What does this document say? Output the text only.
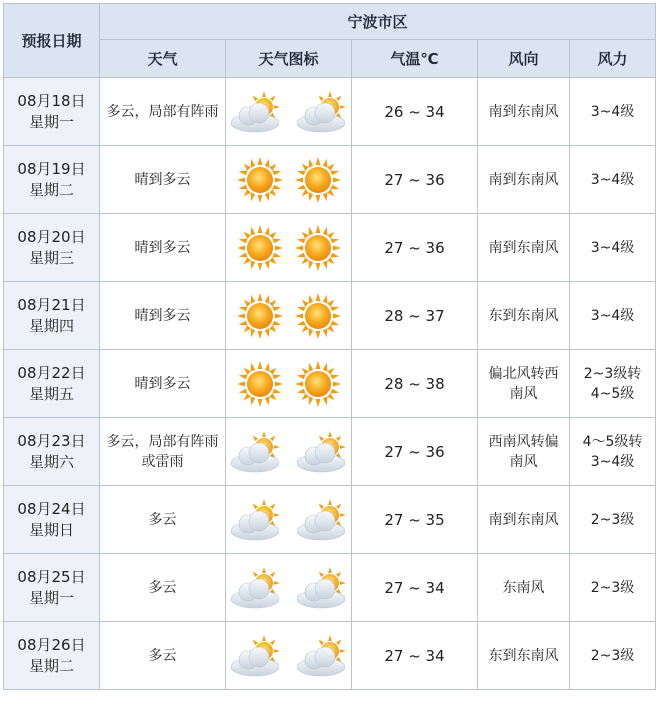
预报日期	宁波市区				
	天气	天气图标	气温℃	风向	风力

08月18日
星期一	多云，局部有阵雨		26 ~ 34	南到东南风	3~4级

08月19日
星期二	晴到多云		27 ~ 36	南到东南风	3~4级

08月20日
星期三	晴到多云		27 ~ 36	南到东南风	3~4级

08月21日
星期四	晴到多云		28 ~ 37	东到东南风	3~4级

08月22日
星期五	晴到多云		28 ~ 38	偏北风转西南风	2~3级转4~5级

08月23日
星期六	多云，局部有阵雨或雷雨		27 ~ 36	西南风转偏南风	4～5级转3~4级

08月24日
星期日	多云		27 ~ 35	南到东南风	2~3级

08月25日
星期一	多云		27 ~ 34	东南风	2~3级

08月26日
星期二	多云		27 ~ 34	东到东南风	2~3级
